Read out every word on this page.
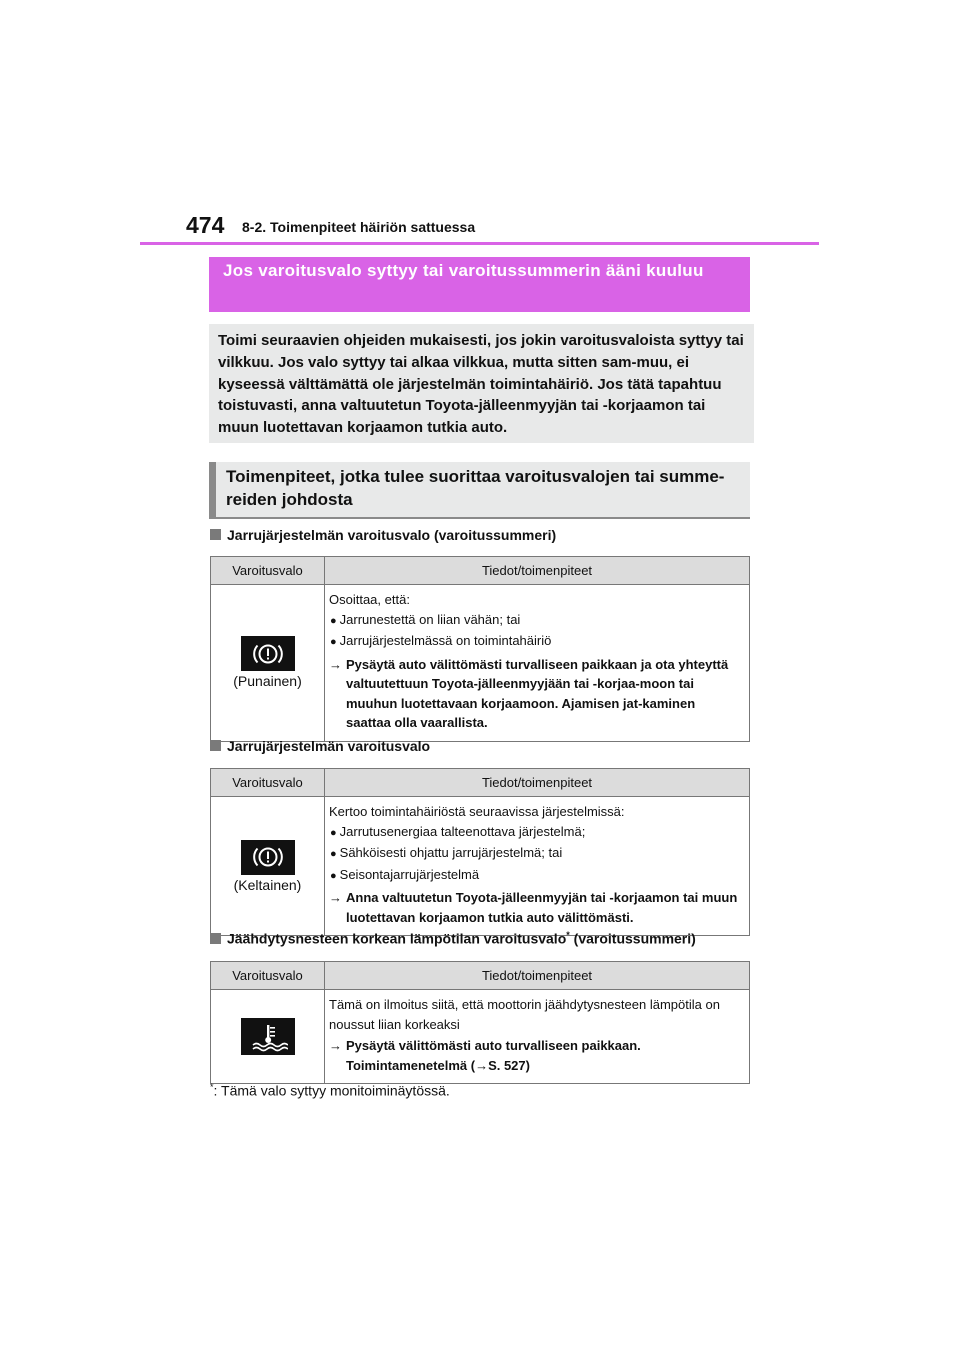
474 8-2. Toimenpiteet häiriön sattuessa
Jos varoitusvalo syttyy tai varoitussummerin ääni kuuluu
Toimi seuraavien ohjeiden mukaisesti, jos jokin varoitusvaloista syttyy tai vilkkuu. Jos valo syttyy tai alkaa vilkkua, mutta sitten sam-muu, ei kyseessä välttämättä ole järjestelmän toimintahäiriö. Jos tätä tapahtuu toistuvasti, anna valtuutetun Toyota-jälleenmyyjän tai -korjaamon tai muun luotettavan korjaamon tutkia auto.
Toimenpiteet, jotka tulee suorittaa varoitusvalojen tai summe-reiden johdosta
Jarrujärjestelmän varoitusvalo (varoitussummeri)
Varoitusvalo	Tiedot/toimenpiteet

(Punainen)	Osoittaa, että:
● Jarrunestettä on liian vähän; tai
● Jarrujärjestelmässä on toimintahäiriö
→ Pysäytä auto välittömästi turvalliseen paikkaan ja ota yhteyttä valtuutettuun Toyota-jälleenmyyjään tai -korjaa-moon tai muuhun luotettavaan korjaamoon. Ajamisen jat-kaminen saattaa olla vaarallista.
Jarrujärjestelmän varoitusvalo
Varoitusvalo	Tiedot/toimenpiteet

(Keltainen)	Kertoo toimintahäiriöstä seuraavissa järjestelmissä:
● Jarrutusenergiaa talteenottava järjestelmä;
● Sähköisesti ohjattu jarrujärjestelmä; tai
● Seisontajarrujärjestelmä
→ Anna valtuutetun Toyota-jälleenmyyjän tai -korjaamon tai muun luotettavan korjaamon tutkia auto välittömästi.
Jäähdytysnesteen korkean lämpötilan varoitusvalo* (varoitussummeri)
Varoitusvalo	Tiedot/toimenpiteet

Tämä on ilmoitus siitä, että moottorin jäähdytysnesteen lämpötila on noussut liian korkeaksi
→ Pysäytä välittömästi auto turvalliseen paikkaan. Toimintamenetelmä (→S. 527)
*: Tämä valo syttyy monitoiminäytössä.
